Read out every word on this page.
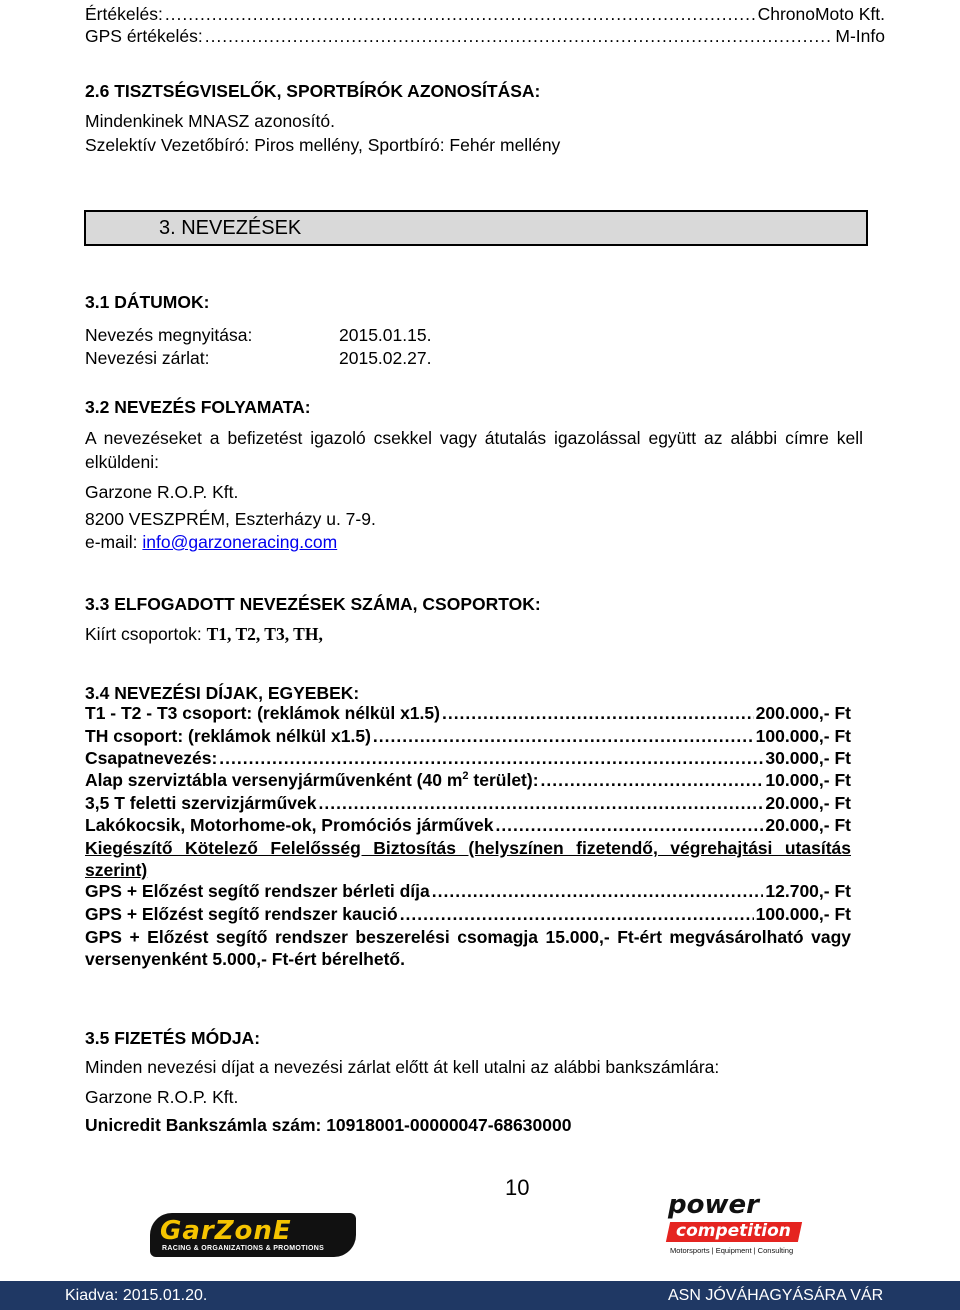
Értékelés: .....	ChronoMoto Kft.
GPS értékelés: .....	M-Info
2.6 TISZTSÉGVISELŐK, SPORTBÍRÓK AZONOSÍTÁSA:
Mindenkinek MNASZ azonosító.
Szelektív Vezetőbíró: Piros mellény, Sportbíró: Fehér mellény
3. NEVEZÉSEK
3.1 DÁTUMOK:
Nevezés megnyitása:	2015.01.15.
Nevezési zárlat:	2015.02.27.
3.2 NEVEZÉS FOLYAMATA:
A nevezéseket a befizetést igazoló csekkel vagy átutalás igazolással együtt az alábbi címre kell elküldeni:
Garzone R.O.P. Kft.
8200 VESZPRÉM, Eszterházy u. 7-9.
e-mail: info@garzoneracing.com
3.3 ELFOGADOTT NEVEZÉSEK SZÁMA, CSOPORTOK:
Kiírt csoportok: T1, T2, T3, TH,
3.4 NEVEZÉSI DÍJAK, EGYEBEK:
T1 - T2 - T3 csoport: (reklámok nélkül x1.5) .....	200.000,- Ft
TH csoport: (reklámok nélkül x1.5) .....	100.000,- Ft
Csapatnevezés: .....	30.000,- Ft
Alap szerviztábla versenyjárművenként (40 $m^2$ terület): .....	10.000,- Ft
3,5 T feletti szervizjárművek .....	20.000,- Ft
Lakókocsik, Motorhome-ok, Promóciós járművek .....	20.000,- Ft
Kiegészítő Kötelező Felelősség Biztosítás (helyszínen fizetendő, végrehajtási utasítás szerint)
GPS + Előzést segítő rendszer bérleti díja .....	12.700,- Ft
GPS + Előzést segítő rendszer kaució .....	100.000,- Ft
GPS + Előzést segítő rendszer beszerelési csomagja 15.000,- Ft-ért megvásárolható vagy versenyenként 5.000,- Ft-ért bérelhető.
3.5 FIZETÉS MÓDJA:
Minden nevezési díjat a nevezési zárlat előtt át kell utalni az alábbi bankszámlára:
Garzone R.O.P. Kft.
Unicredit Bankszámla szám: 10918001-00000047-68630000
10
GarZonE
RACING & ORGANIZATIONS & PROMOTIONS
power
competition
Motorsports | Equipment | Consulting
Kiadva: 2015.01.20.	ASN JÓVÁHAGYÁSÁRA VÁR
